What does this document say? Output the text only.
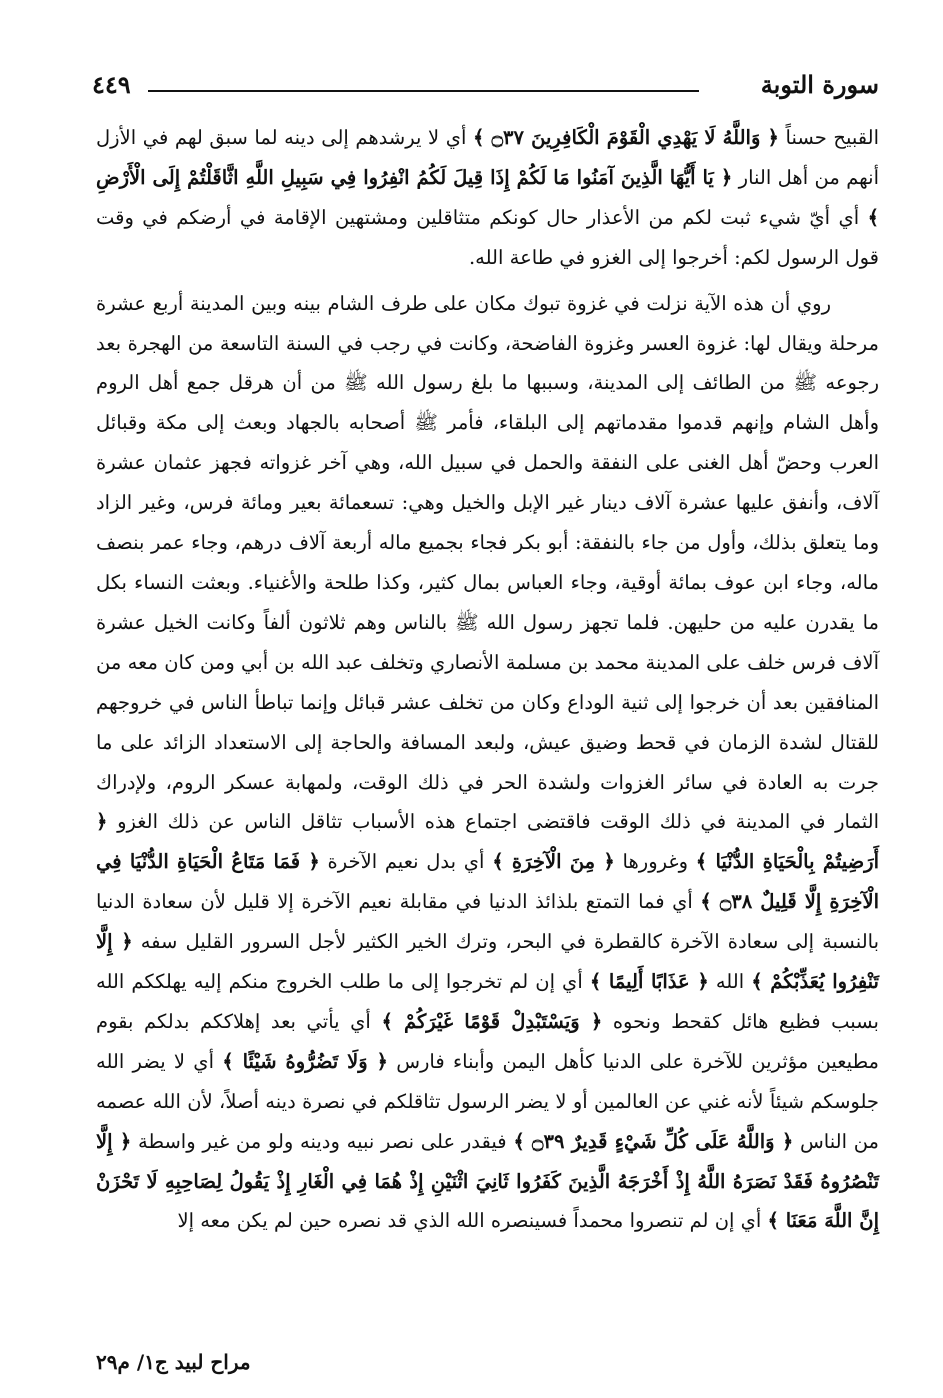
سورة التوبة
٤٤٩

القبيح حسناً ﴿ وَاللَّهُ لَا يَهْدِي الْقَوْمَ الْكَافِرِينَ ۝٣٧ ﴾ أي لا يرشدهم إلى دينه لما سبق لهم في الأزل أنهم من أهل النار ﴿ يَا أَيُّهَا الَّذِينَ آمَنُوا مَا لَكُمْ إِذَا قِيلَ لَكُمُ انْفِرُوا فِي سَبِيلِ اللَّهِ اثَّاقَلْتُمْ إِلَى الْأَرْضِ ﴾ أي أيّ شيء ثبت لكم من الأعذار حال كونكم متثاقلين ومشتهين الإقامة في أرضكم في وقت قول الرسول لكم: أخرجوا إلى الغزو في طاعة الله.

روي أن هذه الآية نزلت في غزوة تبوك مكان على طرف الشام بينه وبين المدينة أربع عشرة مرحلة ويقال لها: غزوة العسر وغزوة الفاضحة، وكانت في رجب في السنة التاسعة من الهجرة بعد رجوعه ﷺ من الطائف إلى المدينة، وسببها ما بلغ رسول الله ﷺ من أن هرقل جمع أهل الروم وأهل الشام وإنهم قدموا مقدماتهم إلى البلقاء، فأمر ﷺ أصحابه بالجهاد وبعث إلى مكة وقبائل العرب وحضّ أهل الغنى على النفقة والحمل في سبيل الله، وهي آخر غزواته فجهز عثمان عشرة آلاف، وأنفق عليها عشرة آلاف دينار غير الإبل والخيل وهي: تسعمائة بعير ومائة فرس، وغير الزاد وما يتعلق بذلك، وأول من جاء بالنفقة: أبو بكر فجاء بجميع ماله أربعة آلاف درهم، وجاء عمر بنصف ماله، وجاء ابن عوف بمائة أوقية، وجاء العباس بمال كثير، وكذا طلحة والأغنياء. وبعثت النساء بكل ما يقدرن عليه من حليهن. فلما تجهز رسول الله ﷺ بالناس وهم ثلاثون ألفاً وكانت الخيل عشرة آلاف فرس خلف على المدينة محمد بن مسلمة الأنصاري وتخلف عبد الله بن أبي ومن كان معه من المنافقين بعد أن خرجوا إلى ثنية الوداع وكان من تخلف عشر قبائل وإنما تباطأ الناس في خروجهم للقتال لشدة الزمان في قحط وضيق عيش، ولبعد المسافة والحاجة إلى الاستعداد الزائد على ما جرت به العادة في سائر الغزوات ولشدة الحر في ذلك الوقت، ولمهابة عسكر الروم، ولإدراك الثمار في المدينة في ذلك الوقت فاقتضى اجتماع هذه الأسباب تثاقل الناس عن ذلك الغزو ﴿ أَرَضِيتُمْ بِالْحَيَاةِ الدُّنْيَا ﴾ وغرورها ﴿ مِنَ الْآخِرَةِ ﴾ أي بدل نعيم الآخرة ﴿ فَمَا مَتَاعُ الْحَيَاةِ الدُّنْيَا فِي الْآخِرَةِ إِلَّا قَلِيلٌ ۝٣٨ ﴾ أي فما التمتع بلذائذ الدنيا في مقابلة نعيم الآخرة إلا قليل لأن سعادة الدنيا بالنسبة إلى سعادة الآخرة كالقطرة في البحر، وترك الخير الكثير لأجل السرور القليل سفه ﴿ إِلَّا تَنْفِرُوا يُعَذِّبْكُمْ ﴾ الله ﴿ عَذَابًا أَلِيمًا ﴾ أي إن لم تخرجوا إلى ما طلب الخروج منكم إليه يهلككم الله بسبب فظيع هائل كقحط ونحوه ﴿ وَيَسْتَبْدِلْ قَوْمًا غَيْرَكُمْ ﴾ أي يأتي بعد إهلاككم بدلكم بقوم مطيعين مؤثرين للآخرة على الدنيا كأهل اليمن وأبناء فارس ﴿ وَلَا تَضُرُّوهُ شَيْئًا ﴾ أي لا يضر الله جلوسكم شيئاً لأنه غني عن العالمين أو لا يضر الرسول تثاقلكم في نصرة دينه أصلاً، لأن الله عصمه من الناس ﴿ وَاللَّهُ عَلَى كُلِّ شَيْءٍ قَدِيرٌ ۝٣٩ ﴾ فيقدر على نصر نبيه ودينه ولو من غير واسطة ﴿ إِلَّا تَنْصُرُوهُ فَقَدْ نَصَرَهُ اللَّهُ إِذْ أَخْرَجَهُ الَّذِينَ كَفَرُوا ثَانِيَ اثْنَيْنِ إِذْ هُمَا فِي الْغَارِ إِذْ يَقُولُ لِصَاحِبِهِ لَا تَحْزَنْ إِنَّ اللَّهَ مَعَنَا ﴾ أي إن لم تنصروا محمداً فسينصره الله الذي قد نصره حين لم يكن معه إلا

مراح لبيد ج١/ م٢٩
